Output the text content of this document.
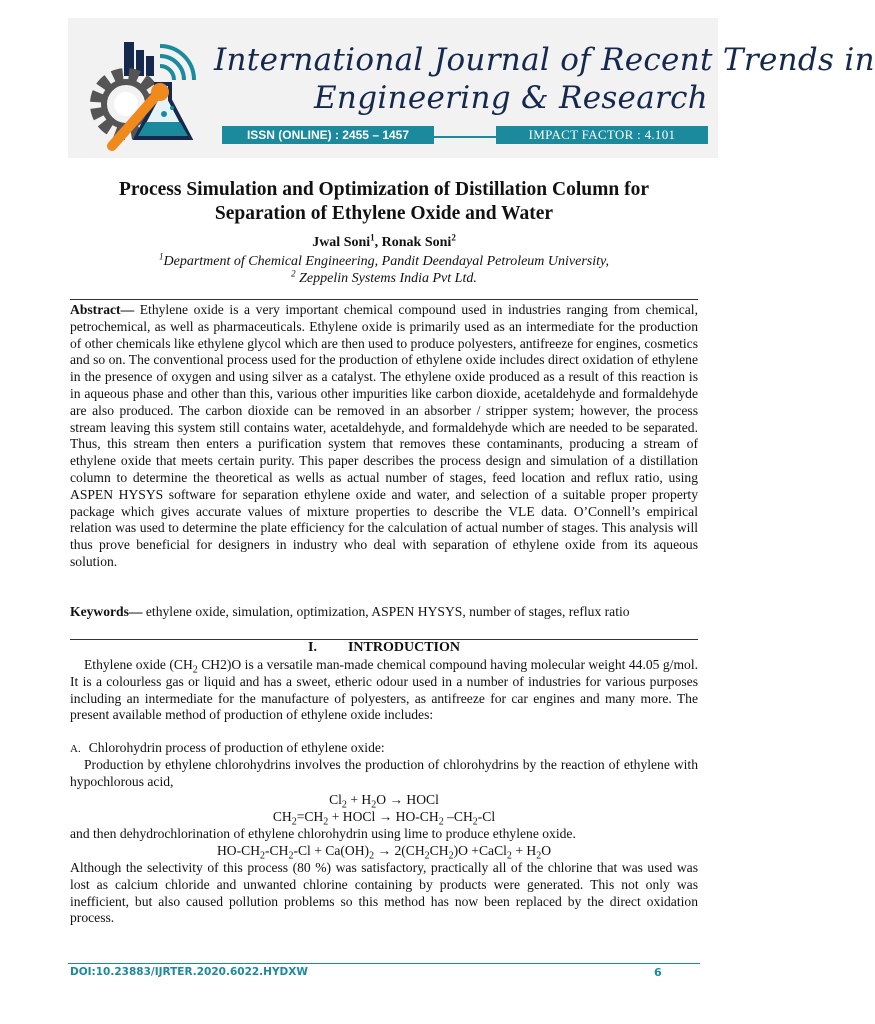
International Journal of Recent Trends in
Engineering & Research
ISSN (ONLINE) : 2455 – 1457	IMPACT FACTOR : 4.101
Process Simulation and Optimization of Distillation Column for
Separation of Ethylene Oxide and Water
Jwal Soni$^1$, Ronak Soni$^2$
$^1$Department of Chemical Engineering, Pandit Deendayal Petroleum University,
$^2$ Zeppelin Systems India Pvt Ltd.

Abstract— Ethylene oxide is a very important chemical compound used in industries ranging from chemical, petrochemical, as well as pharmaceuticals. Ethylene oxide is primarily used as an intermediate for the production of other chemicals like ethylene glycol which are then used to produce polyesters, antifreeze for engines, cosmetics and so on. The conventional process used for the production of ethylene oxide includes direct oxidation of ethylene in the presence of oxygen and using silver as a catalyst. The ethylene oxide produced as a result of this reaction is in aqueous phase and other than this, various other impurities like carbon dioxide, acetaldehyde and formaldehyde are also produced. The carbon dioxide can be removed in an absorber / stripper system; however, the process stream leaving this system still contains water, acetaldehyde, and formaldehyde which are needed to be separated. Thus, this stream then enters a purification system that removes these contaminants, producing a stream of ethylene oxide that meets certain purity. This paper describes the process design and simulation of a distillation column to determine the theoretical as wells as actual number of stages, feed location and reflux ratio, using ASPEN HYSYS software for separation ethylene oxide and water, and selection of a suitable proper property package which gives accurate values of mixture properties to describe the VLE data. O’Connell’s empirical relation was used to determine the plate efficiency for the calculation of actual number of stages. This analysis will thus prove beneficial for designers in industry who deal with separation of ethylene oxide from its aqueous solution.

Keywords— ethylene oxide, simulation, optimization, ASPEN HYSYS, number of stages, reflux ratio

I. INTRODUCTION

Ethylene oxide ($CH_2$ CH2)O is a versatile man-made chemical compound having molecular weight 44.05 g/mol. It is a colourless gas or liquid and has a sweet, etheric odour used in a number of industries for various purposes including an intermediate for the manufacture of polyesters, as antifreeze for car engines and many more. The present available method of production of ethylene oxide includes:

A. Chlorohydrin process of production of ethylene oxide:

Production by ethylene chlorohydrins involves the production of chlorohydrins by the reaction of ethylene with hypochlorous acid,

$Cl_2 + H_2O$ → HOCl
$CH_2=CH_2$ + HOCl → $HO-CH_2$ $-CH_2-Cl$

and then dehydrochlorination of ethylene chlorohydrin using lime to produce ethylene oxide.

$HO-CH_2-CH_2-Cl + Ca(OH)_2 \to 2(CH_2CH_2)O$ +CaCl$_2$ + $H_2O$

Although the selectivity of this process (80 %) was satisfactory, practically all of the chlorine that was used was lost as calcium chloride and unwanted chlorine containing by products were generated. This not only was inefficient, but also caused pollution problems so this method has now been replaced by the direct oxidation process.

DOI:10.23883/IJRTER.2020.6022.HYDXW	6
